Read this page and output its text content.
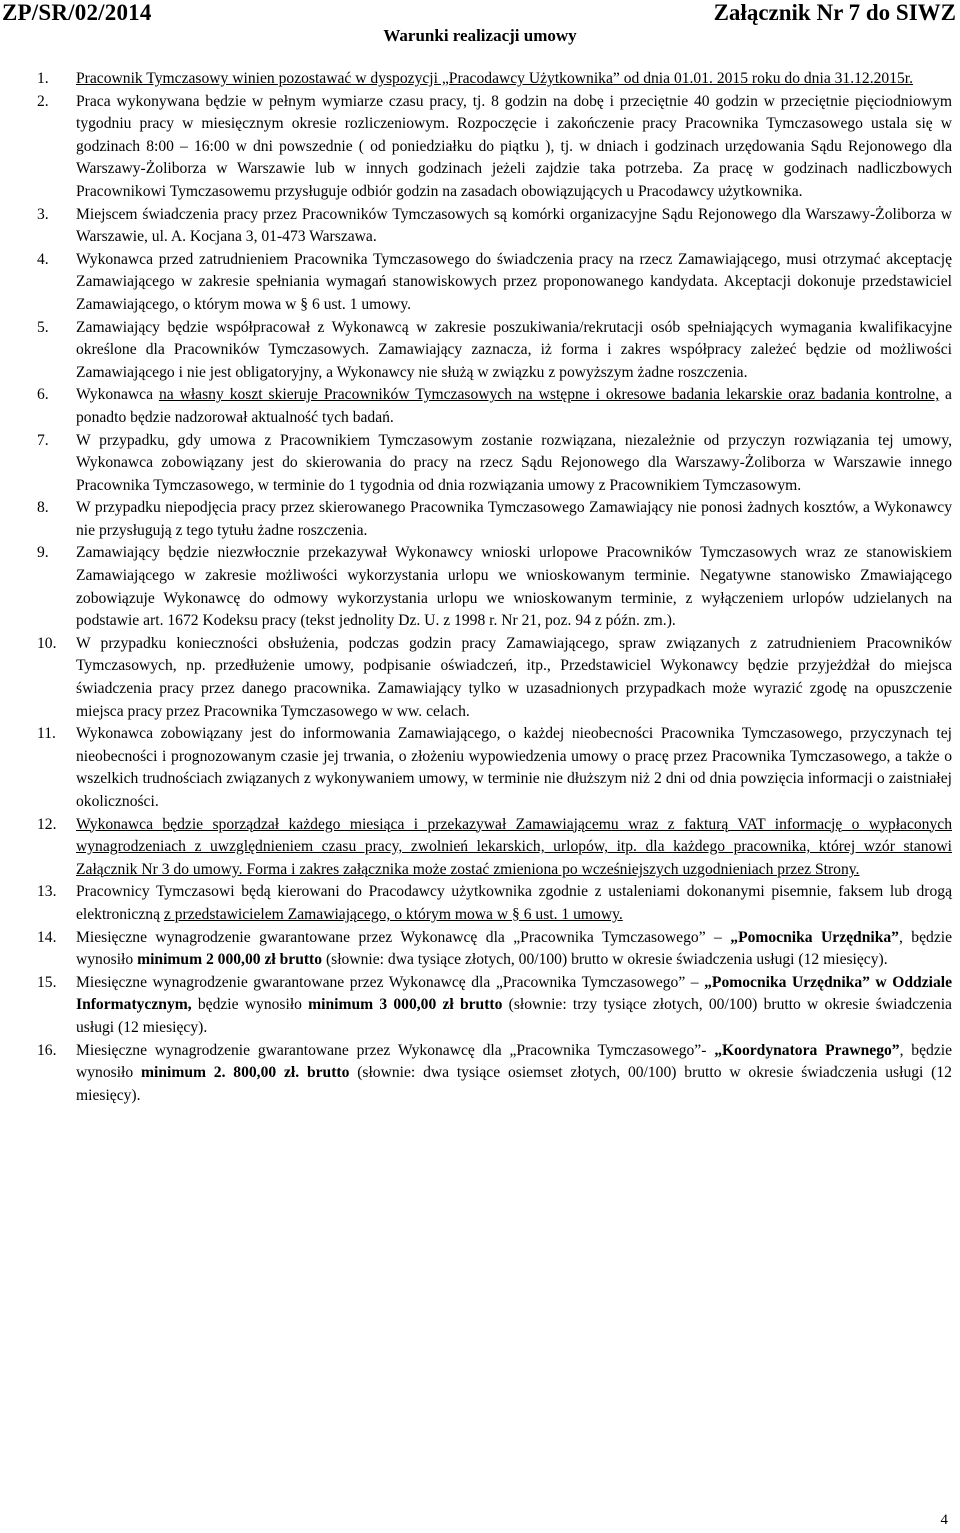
ZP/SR/02/2014	Załącznik Nr 7 do SIWZ
Warunki realizacji umowy
1. Pracownik Tymczasowy winien pozostawać w dyspozycji „Pracodawcy Użytkownika” od dnia 01.01. 2015 roku do dnia 31.12.2015r.
2. Praca wykonywana będzie w pełnym wymiarze czasu pracy, tj. 8 godzin na dobę i przeciętnie 40 godzin w przeciętnie pięciodniowym tygodniu pracy w miesięcznym okresie rozliczeniowym. Rozpoczęcie i zakończenie pracy Pracownika Tymczasowego ustala się w godzinach 8:00 – 16:00 w dni powszednie ( od poniedziałku do piątku ), tj. w dniach i godzinach urzędowania Sądu Rejonowego dla Warszawy-Żoliborza w Warszawie lub w innych godzinach jeżeli zajdzie taka potrzeba. Za pracę w godzinach nadliczbowych Pracownikowi Tymczasowemu przysługuje odbiór godzin na zasadach obowiązujących u Pracodawcy użytkownika.
3. Miejscem świadczenia pracy przez Pracowników Tymczasowych są komórki organizacyjne Sądu Rejonowego dla Warszawy-Żoliborza w Warszawie, ul. A. Kocjana 3, 01-473 Warszawa.
4. Wykonawca przed zatrudnieniem Pracownika Tymczasowego do świadczenia pracy na rzecz Zamawiającego, musi otrzymać akceptację Zamawiającego w zakresie spełniania wymagań stanowiskowych przez proponowanego kandydata. Akceptacji dokonuje przedstawiciel Zamawiającego, o którym mowa w § 6 ust. 1 umowy.
5. Zamawiający będzie współpracował z Wykonawcą w zakresie poszukiwania/rekrutacji osób spełniających wymagania kwalifikacyjne określone dla Pracowników Tymczasowych. Zamawiający zaznacza, iż forma i zakres współpracy zależeć będzie od możliwości Zamawiającego i nie jest obligatoryjny, a Wykonawcy nie służą w związku z powyższym żadne roszczenia.
6. Wykonawca na własny koszt skieruje Pracowników Tymczasowych na wstępne i okresowe badania lekarskie oraz badania kontrolne, a ponadto będzie nadzorował aktualność tych badań.
7. W przypadku, gdy umowa z Pracownikiem Tymczasowym zostanie rozwiązana, niezależnie od przyczyn rozwiązania tej umowy, Wykonawca zobowiązany jest do skierowania do pracy na rzecz Sądu Rejonowego dla Warszawy-Żoliborza w Warszawie innego Pracownika Tymczasowego, w terminie do 1 tygodnia od dnia rozwiązania umowy z Pracownikiem Tymczasowym.
8. W przypadku niepodjęcia pracy przez skierowanego Pracownika Tymczasowego Zamawiający nie ponosi żadnych kosztów, a Wykonawcy nie przysługują z tego tytułu żadne roszczenia.
9. Zamawiający będzie niezwłocznie przekazywał Wykonawcy wnioski urlopowe Pracowników Tymczasowych wraz ze stanowiskiem Zamawiającego w zakresie możliwości wykorzystania urlopu we wnioskowanym terminie. Negatywne stanowisko Zmawiającego zobowiązuje Wykonawcę do odmowy wykorzystania urlopu we wnioskowanym terminie, z wyłączeniem urlopów udzielanych na podstawie art. 1672 Kodeksu pracy (tekst jednolity Dz. U. z 1998 r. Nr 21, poz. 94 z późn. zm.).
10. W przypadku konieczności obsłużenia, podczas godzin pracy Zamawiającego, spraw związanych z zatrudnieniem Pracowników Tymczasowych, np. przedłużenie umowy, podpisanie oświadczeń, itp., Przedstawiciel Wykonawcy będzie przyjeżdżał do miejsca świadczenia pracy przez danego pracownika. Zamawiający tylko w uzasadnionych przypadkach może wyrazić zgodę na opuszczenie miejsca pracy przez Pracownika Tymczasowego w ww. celach.
11. Wykonawca zobowiązany jest do informowania Zamawiającego, o każdej nieobecności Pracownika Tymczasowego, przyczynach tej nieobecności i prognozowanym czasie jej trwania, o złożeniu wypowiedzenia umowy o pracę przez Pracownika Tymczasowego, a także o wszelkich trudnościach związanych z wykonywaniem umowy, w terminie nie dłuższym niż 2 dni od dnia powzięcia informacji o zaistniałej okoliczności.
12. Wykonawca będzie sporządzał każdego miesiąca i przekazywał Zamawiającemu wraz z fakturą VAT informację o wypłaconych wynagrodzeniach z uwzględnieniem czasu pracy, zwolnień lekarskich, urlopów, itp. dla każdego pracownika, której wzór stanowi Załącznik Nr 3 do umowy. Forma i zakres załącznika może zostać zmieniona po wcześniejszych uzgodnieniach przez Strony.
13. Pracownicy Tymczasowi będą kierowani do Pracodawcy użytkownika zgodnie z ustaleniami dokonanymi pisemnie, faksem lub drogą elektroniczną z przedstawicielem Zamawiającego, o którym mowa w § 6 ust. 1 umowy.
14. Miesięczne wynagrodzenie gwarantowane przez Wykonawcę dla „Pracownika Tymczasowego” – „Pomocnika Urzędnika”, będzie wynosiło minimum 2 000,00 zł brutto (słownie: dwa tysiące złotych, 00/100) brutto w okresie świadczenia usługi (12 miesięcy).
15. Miesięczne wynagrodzenie gwarantowane przez Wykonawcę dla „Pracownika Tymczasowego” – „Pomocnika Urzędnika” w Oddziale Informatycznym, będzie wynosiło minimum 3 000,00 zł brutto (słownie: trzy tysiące złotych, 00/100) brutto w okresie świadczenia usługi (12 miesięcy).
16. Miesięczne wynagrodzenie gwarantowane przez Wykonawcę dla „Pracownika Tymczasowego”- „Koordynatora Prawnego”, będzie wynosiło minimum 2. 800,00 zł. brutto (słownie: dwa tysiące osiemset złotych, 00/100) brutto w okresie świadczenia usługi (12 miesięcy).
4
